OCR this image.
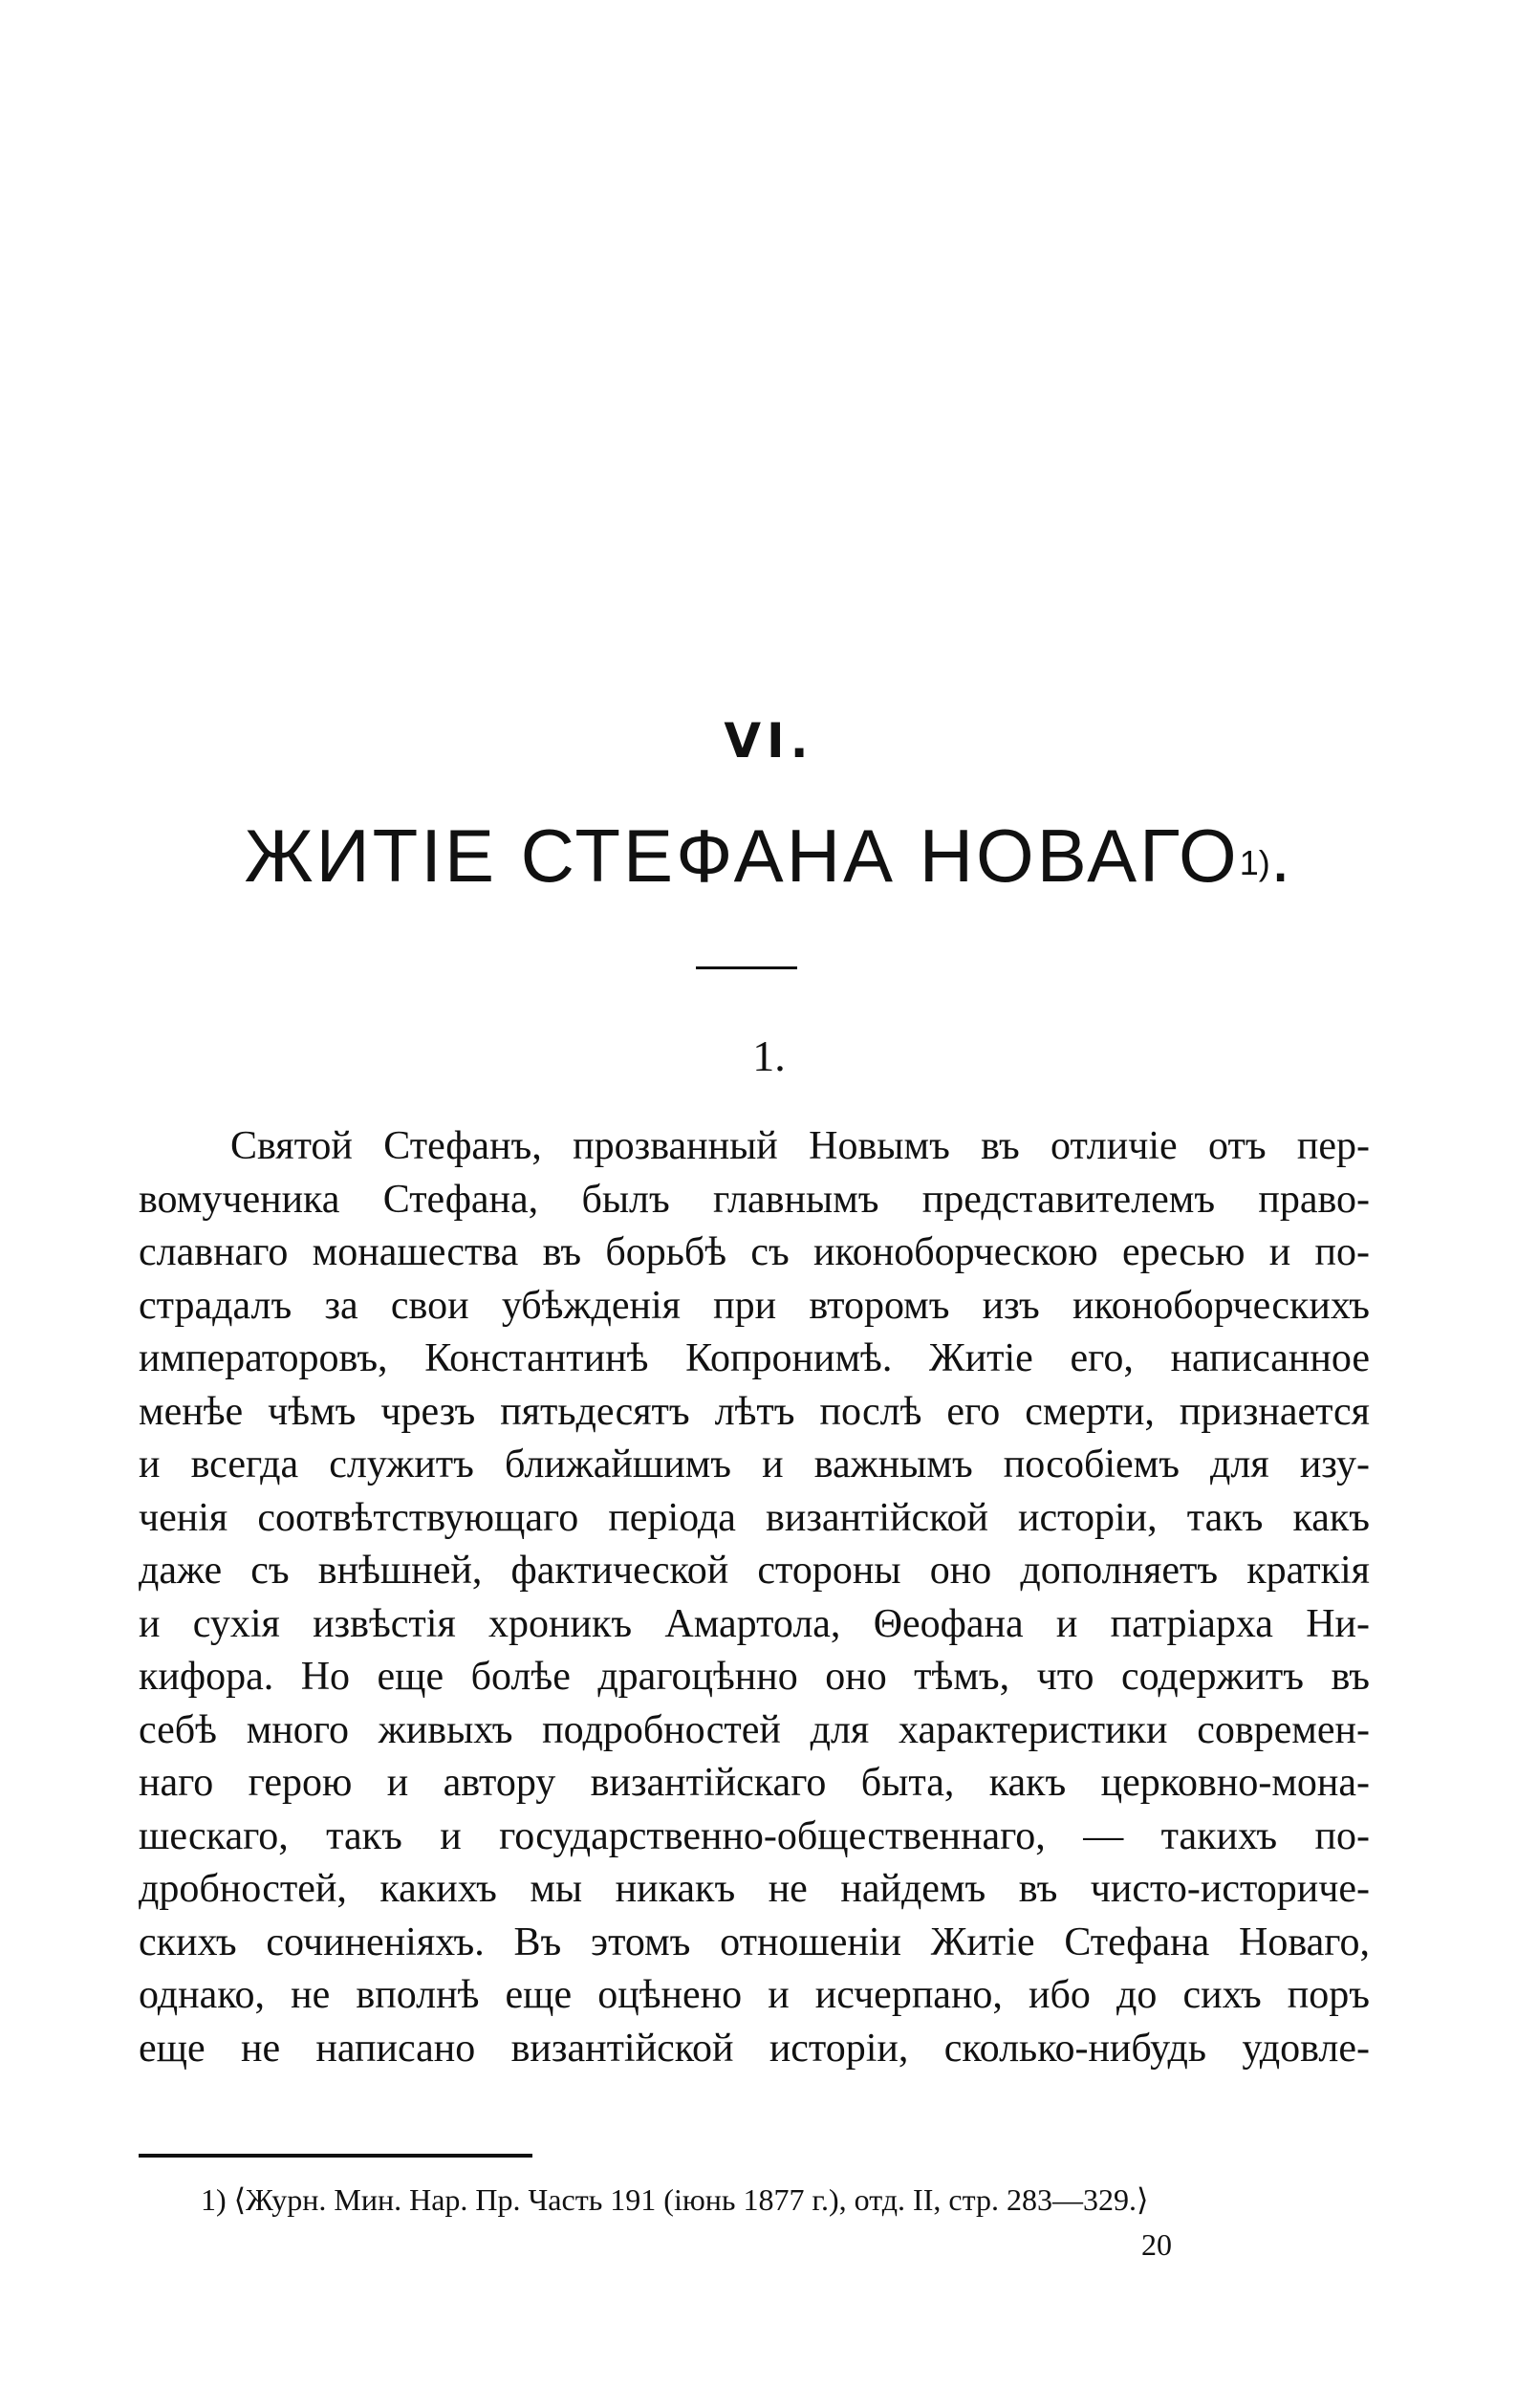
VI.
ЖИТІЕ СТЕФАНА НОВАГО$^{1)}$.
1.
Святой Стефанъ, прозванный Новымъ въ отличіе отъ пер-
вомученика Стефана, былъ главнымъ представителемъ право-
славнаго монашества въ борьбѣ съ иконоборческою ересью и по-
страдалъ за свои убѣжденія при второмъ изъ иконоборческихъ
императоровъ, Константинѣ Копронимѣ. Житіе его, написанное
менѣе чѣмъ чрезъ пятьдесятъ лѣтъ послѣ его смерти, признается
и всегда служитъ ближайшимъ и важнымъ пособіемъ для изу-
ченія соотвѣтствующаго періода византійской исторіи, такъ какъ
даже съ внѣшней, фактической стороны оно дополняетъ краткія
и сухія извѣстія хроникъ Амартола, Θеофана и патріарха Ни-
кифора. Но еще болѣе драгоцѣнно оно тѣмъ, что содержитъ въ
себѣ много живыхъ подробностей для характеристики современ-
наго герою и автору византійскаго быта, какъ церковно-мона-
шескаго, такъ и государственно-общественнаго, — такихъ по-
дробностей, какихъ мы никакъ не найдемъ въ чисто-историче-
скихъ сочиненіяхъ. Въ этомъ отношеніи Житіе Стефана Новаго,
однако, не вполнѣ еще оцѣнено и исчерпано, ибо до сихъ поръ
еще не написано византійской исторіи, сколько-нибудь удовле-
1) ⟨Журн. Мин. Нар. Пр. Часть 191 (іюнь 1877 г.), отд. II, стр. 283—329.⟩
20
